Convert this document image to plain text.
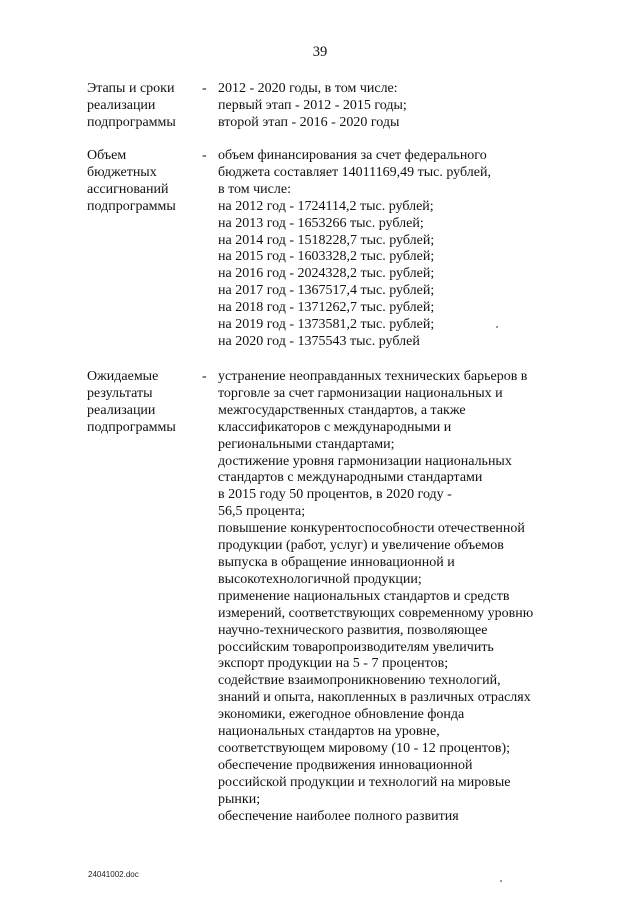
39
Этапы и сроки
реализации
подпрограммы
- 2012 - 2020 годы, в том числе:
первый этап - 2012 - 2015 годы;
второй этап - 2016 - 2020 годы
Объем
бюджетных
ассигнований
подпрограммы
- объем финансирования за счет федерального
бюджета составляет 14011169,49 тыс. рублей,
в том числе:
на 2012 год - 1724114,2 тыс. рублей;
на 2013 год - 1653266 тыс. рублей;
на 2014 год - 1518228,7 тыс. рублей;
на 2015 год - 1603328,2 тыс. рублей;
на 2016 год - 2024328,2 тыс. рублей;
на 2017 год - 1367517,4 тыс. рублей;
на 2018 год - 1371262,7 тыс. рублей;
на 2019 год - 1373581,2 тыс. рублей;
на 2020 год - 1375543 тыс. рублей
Ожидаемые
результаты
реализации
подпрограммы
- устранение неоправданных технических барьеров в
торговле за счет гармонизации национальных и
межгосударственных стандартов, а также
классификаторов с международными и
региональными стандартами;
достижение уровня гармонизации национальных
стандартов с международными стандартами
в 2015 году 50 процентов, в 2020 году -
56,5 процента;
повышение конкурентоспособности отечественной
продукции (работ, услуг) и увеличение объемов
выпуска в обращение инновационной и
высокотехнологичной продукции;
применение национальных стандартов и средств
измерений, соответствующих современному уровню
научно-технического развития, позволяющее
российским товаропроизводителям увеличить
экспорт продукции на 5 - 7 процентов;
содействие взаимопроникновению технологий,
знаний и опыта, накопленных в различных отраслях
экономики, ежегодное обновление фонда
национальных стандартов на уровне,
соответствующем мировому (10 - 12 процентов);
обеспечение продвижения инновационной
российской продукции и технологий на мировые
рынки;
обеспечение наиболее полного развития
24041002.doc
